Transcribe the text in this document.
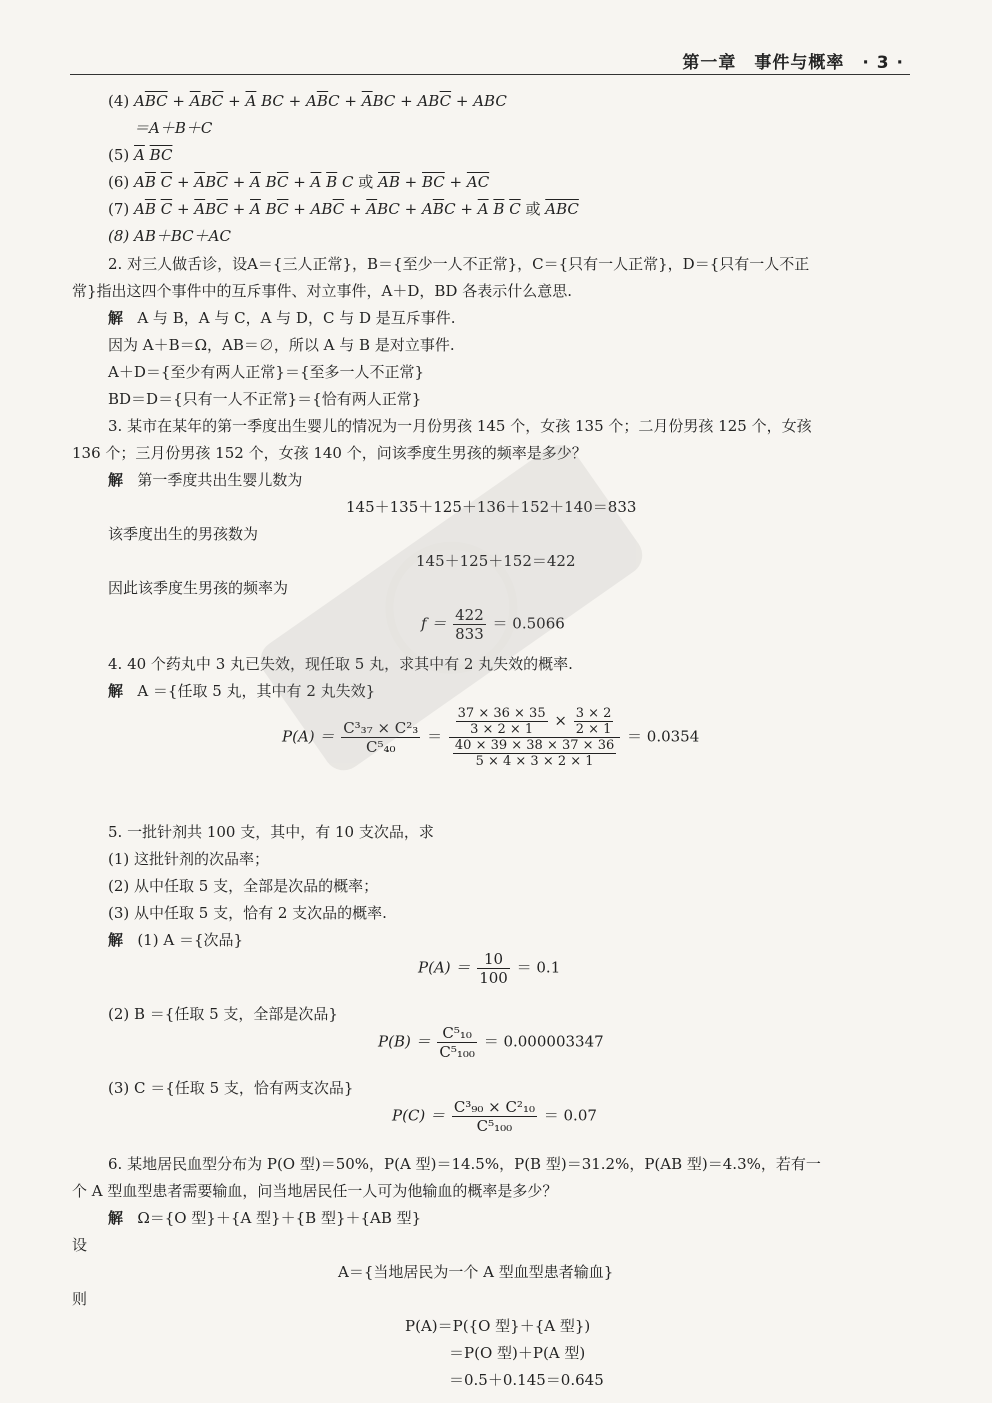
第一章　事件与概率　· 3 ·
(4) $A\overline{BC} + \overline{A}B\overline{C} + \overline{A}$ BC + $A\overline{B}C + \overline{A}BC + AB\overline{C}$ + ABC
＝A＋B＋C
(5) $\overline{A}$ $\overline{BC}$
(6) $A\overline{B}$ $\overline{C} + \overline{A}B\overline{C} + \overline{A}$ $B\overline{C} + \overline{A}$ $\overline{B}$ C 或 $\overline{AB} + \overline{BC} + \overline{AC}$
(7) $A\overline{B}$ $\overline{C} + \overline{A}B\overline{C} + \overline{A}$ $B\overline{C} + AB\overline{C} + \overline{A}BC + A\overline{B}C + \overline{A}$ $\overline{B}$ $\overline{C}$ 或 $\overline{ABC}$
(8) AB＋BC＋AC
2. 对三人做舌诊，设A＝{三人正常}，B＝{至少一人不正常}，C＝{只有一人正常}，D＝{只有一人不正
常}指出这四个事件中的互斥事件、对立事件，A＋D，BD 各表示什么意思.
解 A 与 B，A 与 C，A 与 D，C 与 D 是互斥事件.
因为 A＋B＝Ω，AB＝∅，所以 A 与 B 是对立事件.
A＋D＝{至少有两人正常}＝{至多一人不正常}
BD＝D＝{只有一人不正常}＝{恰有两人正常}
3. 某市在某年的第一季度出生婴儿的情况为一月份男孩 145 个，女孩 135 个；二月份男孩 125 个，女孩
136 个；三月份男孩 152 个，女孩 140 个，问该季度生男孩的频率是多少？
解 第一季度共出生婴儿数为
145＋135＋125＋136＋152＋140＝833
该季度出生的男孩数为
145＋125＋152＝422
因此该季度生男孩的频率为
$f = \frac{422}{833} = 0.5066$
4. 40 个药丸中 3 丸已失效，现任取 5 丸，求其中有 2 丸失效的概率.
解 A ＝{任取 5 丸，其中有 2 丸失效}
$P(A) = \frac{\text{C³₃₇ × C²₃}}{\text{C⁵₄₀}} = \frac{37 \times 36 \times 35}{3 \times 2 \times 1} \times \frac{3 \times 2}{2 \times 1}$
$\frac{40 \times 39 \times 38 \times 37 \times 36}{5 \times 4 \times 3 \times 2 \times 1}$
＝ 0.0354
5. 一批针剂共 100 支，其中，有 10 支次品，求
(1) 这批针剂的次品率；
(2) 从中任取 5 支，全部是次品的概率；
(3) 从中任取 5 支，恰有 2 支次品的概率.
解 (1) A ＝{次品}
$P(A) = \frac{10}{100} = 0.1$
(2) B ＝{任取 5 支，全部是次品}
$P(B) = \frac{\text{C⁵₁₀}}{\text{C⁵₁₀₀}} = 0.000003347$
(3) C ＝{任取 5 支，恰有两支次品}
$P(C) = \frac{\text{C³₉₀ × C²₁₀}}{\text{C⁵₁₀₀}} = 0.07$
6. 某地居民血型分布为 P(O 型)＝50%，P(A 型)＝14.5%，P(B 型)＝31.2%，P(AB 型)＝4.3%，若有一
个 A 型血型患者需要输血，问当地居民任一人可为他输血的概率是多少？
解 Ω＝{O 型}＋{A 型}＋{B 型}＋{AB 型}
设
A＝{当地居民为一个 A 型血型患者输血}
则
P(A)＝P({O 型}＋{A 型})
＝P(O 型)＋P(A 型)
＝0.5＋0.145＝0.645
